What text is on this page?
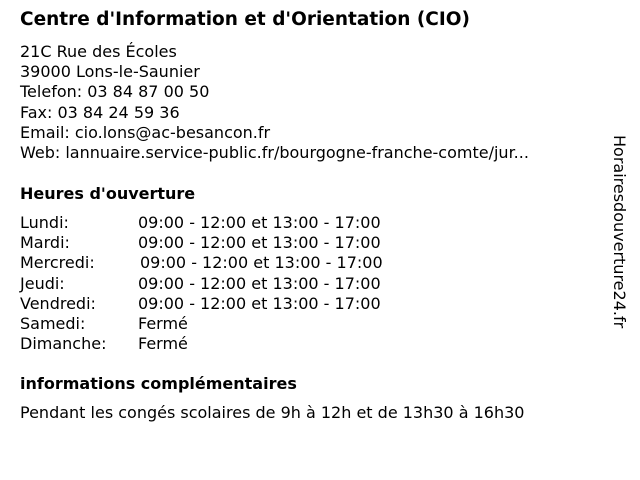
Centre d'Information et d'Orientation (CIO)
21C Rue des Écoles
39000 Lons-le-Saunier
Telefon: 03 84 87 00 50
Fax: 03 84 24 59 36
Email: cio.lons@ac-besancon.fr
Web: lannuaire.service-public.fr/bourgogne-franche-comte/jur...
Heures d'ouverture
Lundi:	09:00 - 12:00 et 13:00 - 17:00
Mardi:	09:00 - 12:00 et 13:00 - 17:00
Mercredi:	09:00 - 12:00 et 13:00 - 17:00
Jeudi:	09:00 - 12:00 et 13:00 - 17:00
Vendredi:	09:00 - 12:00 et 13:00 - 17:00
Samedi:	Fermé
Dimanche: Fermé
informations complémentaires
Pendant les congés scolaires de 9h à 12h et de 13h30 à 16h30
Horairesdouverture24.fr
